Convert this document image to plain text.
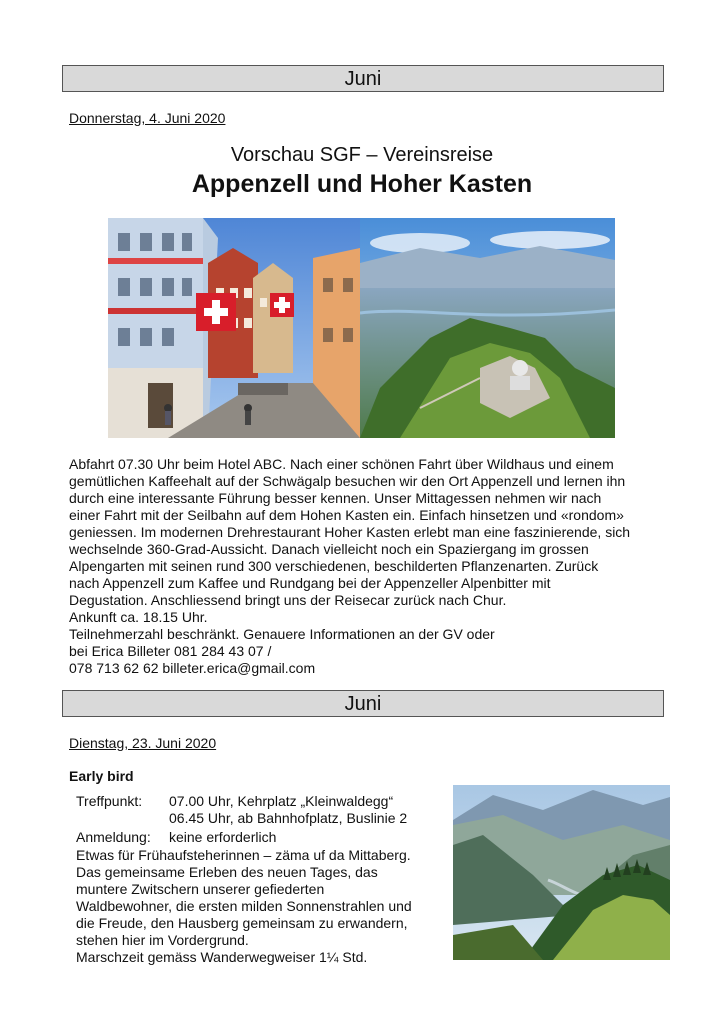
Juni
Donnerstag, 4. Juni 2020
Vorschau SGF – Vereinsreise
Appenzell und Hoher Kasten

Abfahrt 07.30 Uhr beim Hotel ABC. Nach einer schönen Fahrt über Wildhaus und einem

gemütlichen Kaffeehalt auf der Schwägalp besuchen wir den Ort Appenzell und lernen ihn

durch eine interessante Führung besser kennen. Unser Mittagessen nehmen wir nach

einer Fahrt mit der Seilbahn auf dem Hohen Kasten ein. Einfach hinsetzen und «rondom»

geniessen. Im modernen Drehrestaurant Hoher Kasten erlebt man eine faszinierende, sich

wechselnde 360-Grad-Aussicht. Danach vielleicht noch ein Spaziergang im grossen

Alpengarten mit seinen rund 300 verschiedenen, beschilderten Pflanzenarten. Zurück

nach Appenzell zum Kaffee und Rundgang bei der Appenzeller Alpenbitter mit

Degustation. Anschliessend bringt uns der Reisecar zurück nach Chur.

Ankunft ca. 18.15 Uhr.

Teilnehmerzahl beschränkt. Genauere Informationen an der GV oder

bei Erica Billeter 081 284 43 07 /

078 713 62 62 billeter.erica@gmail.com

Juni
Dienstag, 23. Juni 2020
Early bird
Treffpunkt: 07.00 Uhr, Kehrplatz „Kleinwaldegg“
06.45 Uhr, ab Bahnhofplatz, Buslinie 2
Anmeldung: keine erforderlich

Etwas für Frühaufsteherinnen – zäma uf da Mittaberg.

Das gemeinsame Erleben des neuen Tages, das

muntere Zwitschern unserer gefiederten

Waldbewohner, die ersten milden Sonnenstrahlen und

die Freude, den Hausberg gemeinsam zu erwandern,

stehen hier im Vordergrund.

Marschzeit gemäss Wanderwegweiser 1¼ Std.
